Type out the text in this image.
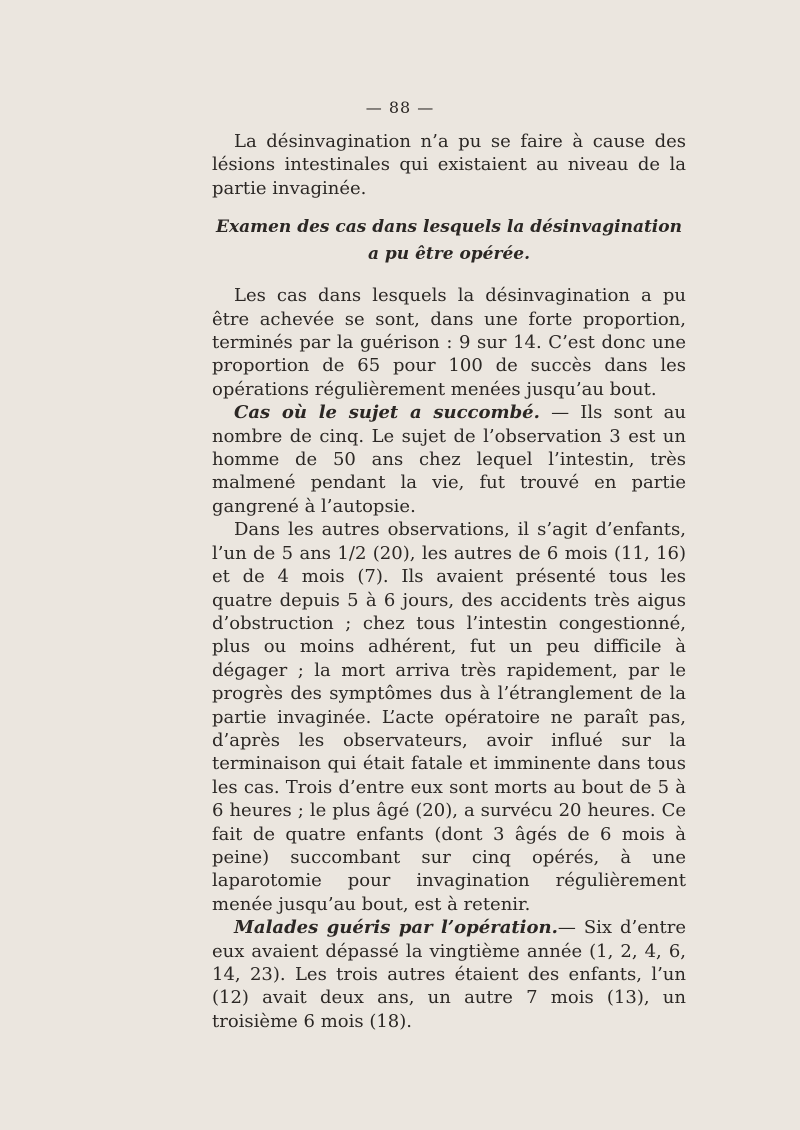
— 88 —

La désinvagination n’a pu se faire à cause des lésions intestinales qui existaient au niveau de la partie invaginée.

Examen des cas dans lesquels la désinvagination
a pu être opérée.

Les cas dans lesquels la désinvagination a pu être achevée se sont, dans une forte proportion, terminés par la guérison : 9 sur 14. C’est donc une proportion de 65 pour 100 de succès dans les opérations régulièrement menées jusqu’au bout.

Cas où le sujet a succombé. — Ils sont au nombre de cinq. Le sujet de l’observation 3 est un homme de 50 ans chez lequel l’intestin, très malmené pendant la vie, fut trouvé en partie gangrené à l’autopsie.

Dans les autres observations, il s’agit d’enfants, l’un de 5 ans 1/2 (20), les autres de 6 mois (11, 16) et de 4 mois (7). Ils avaient présenté tous les quatre depuis 5 à 6 jours, des accidents très aigus d’obstruction ; chez tous l’intestin congestionné, plus ou moins adhérent, fut un peu difficile à dégager ; la mort arriva très rapidement, par le progrès des symptômes dus à l’étranglement de la partie invaginée. L’acte opératoire ne paraît pas, d’après les observateurs, avoir influé sur la terminaison qui était fatale et imminente dans tous les cas. Trois d’entre eux sont morts au bout de 5 à 6 heures ; le plus âgé (20), a survécu 20 heures. Ce fait de quatre enfants (dont 3 âgés de 6 mois à peine) succombant sur cinq opérés, à une laparotomie pour invagination régulièrement menée jusqu’au bout, est à retenir.

Malades guéris par l’opération.— Six d’entre eux avaient dépassé la vingtième année (1, 2, 4, 6, 14, 23). Les trois autres étaient des enfants, l’un (12) avait deux ans, un autre 7 mois (13), un troisième 6 mois (18).
